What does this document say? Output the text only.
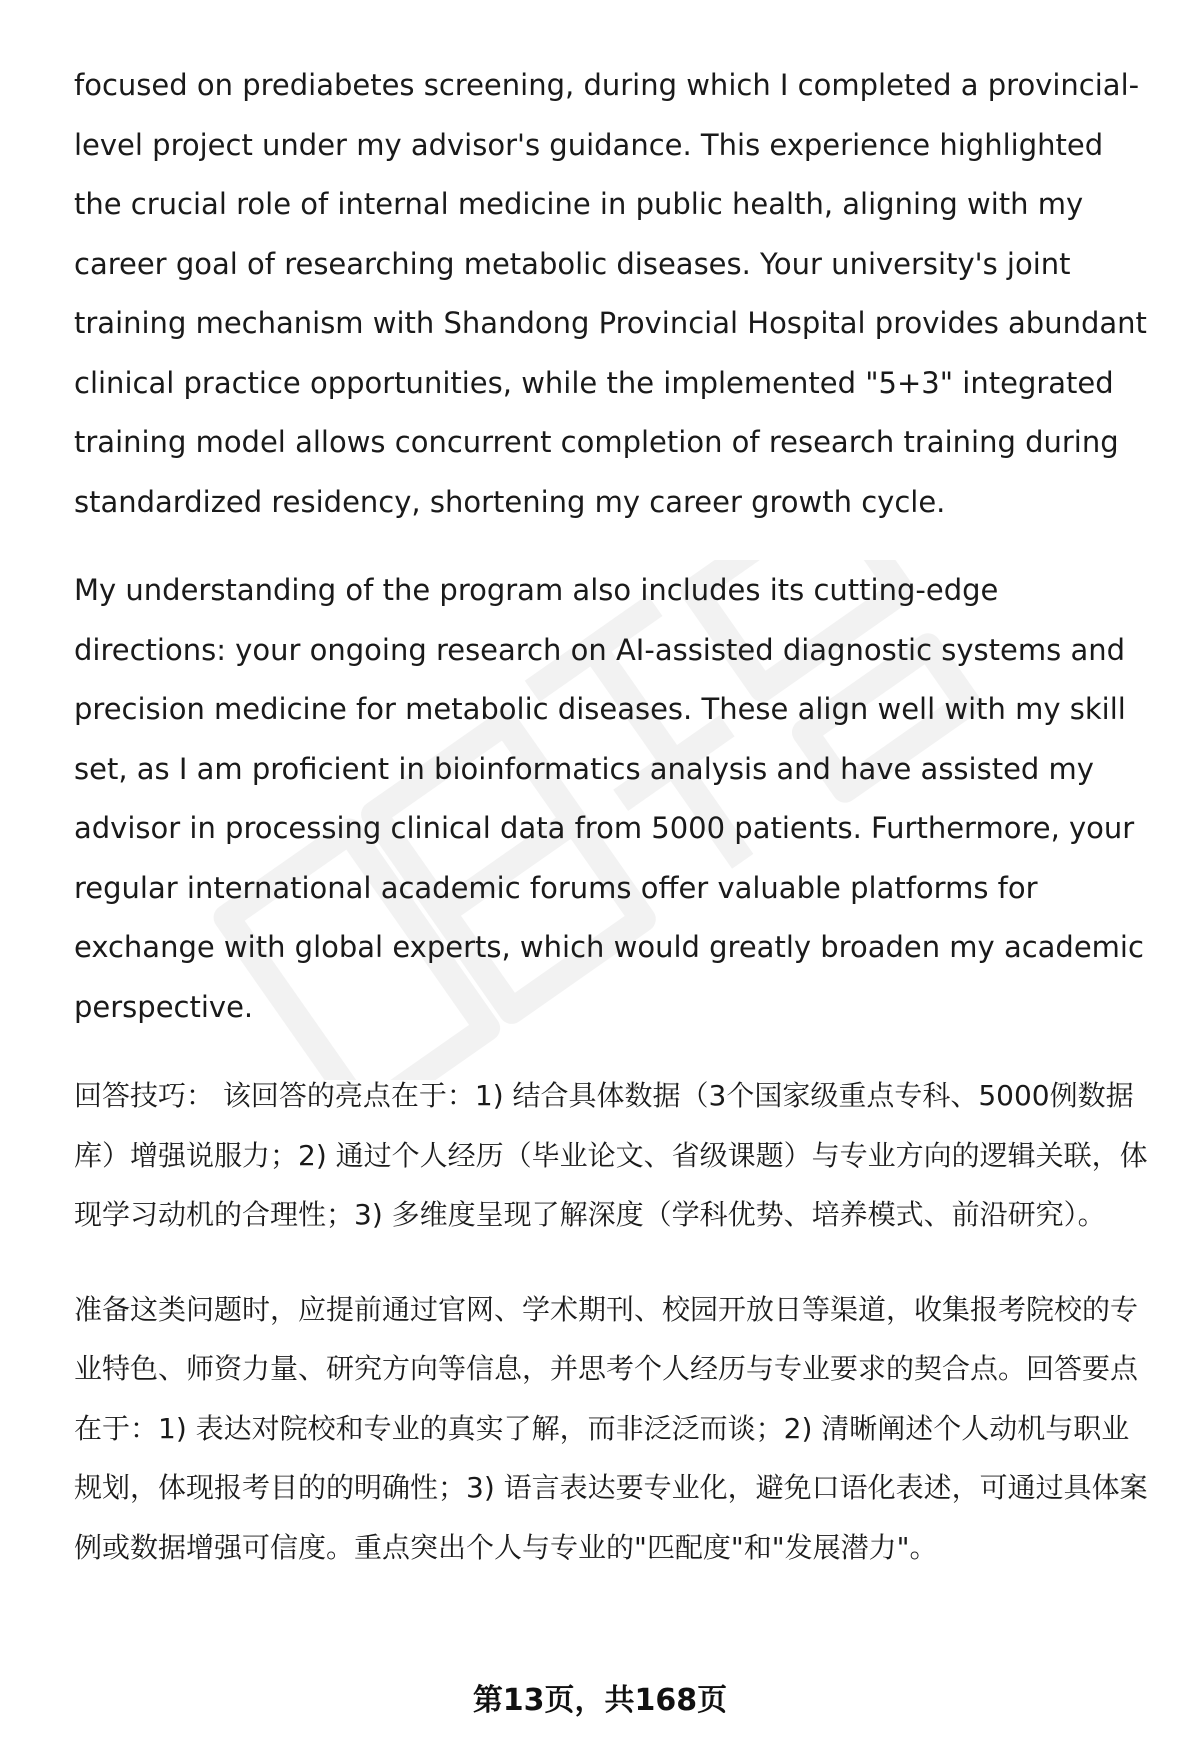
focused on prediabetes screening, during which I completed a provincial-level project under my advisor's guidance. This experience highlighted the crucial role of internal medicine in public health, aligning with my career goal of researching metabolic diseases. Your university's joint training mechanism with Shandong Provincial Hospital provides abundant clinical practice opportunities, while the implemented "5+3" integrated training model allows concurrent completion of research training during standardized residency, shortening my career growth cycle.

My understanding of the program also includes its cutting-edge directions: your ongoing research on AI-assisted diagnostic systems and precision medicine for metabolic diseases. These align well with my skill set, as I am proficient in bioinformatics analysis and have assisted my advisor in processing clinical data from 5000 patients. Furthermore, your regular international academic forums offer valuable platforms for exchange with global experts, which would greatly broaden my academic perspective.

回答技巧： 该回答的亮点在于：1) 结合具体数据（3个国家级重点专科、5000例数据库）增强说服力；2) 通过个人经历（毕业论文、省级课题）与专业方向的逻辑关联，体现学习动机的合理性；3) 多维度呈现了解深度（学科优势、培养模式、前沿研究）。

准备这类问题时，应提前通过官网、学术期刊、校园开放日等渠道，收集报考院校的专业特色、师资力量、研究方向等信息，并思考个人经历与专业要求的契合点。回答要点在于：1) 表达对院校和专业的真实了解，而非泛泛而谈；2) 清晰阐述个人动机与职业规划，体现报考目的的明确性；3) 语言表达要专业化，避免口语化表述，可通过具体案例或数据增强可信度。重点突出个人与专业的"匹配度"和"发展潜力"。

第13页，共168页
